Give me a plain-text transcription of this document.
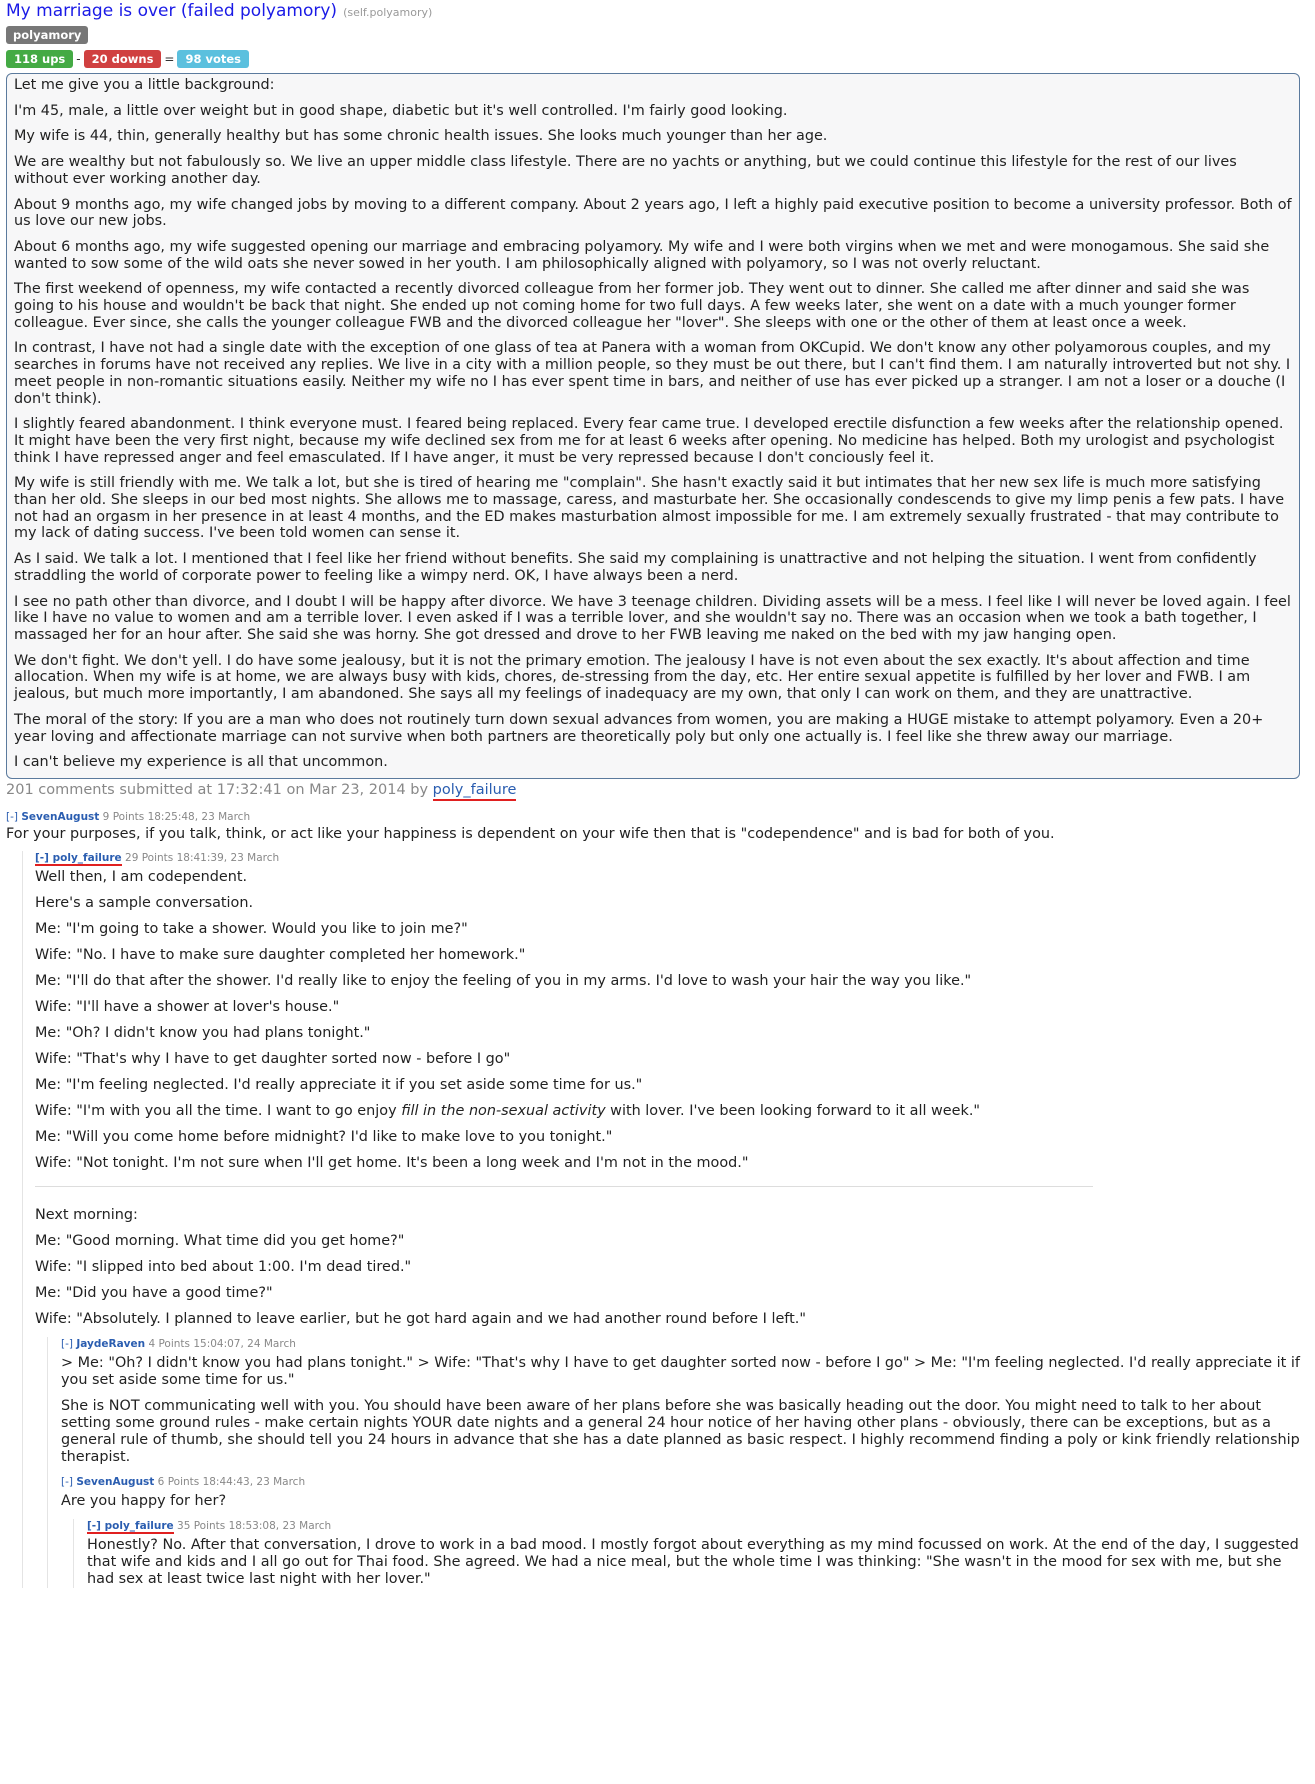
My marriage is over (failed polyamory) (self.polyamory)
polyamory
118 ups - 20 downs = 98 votes

Let me give you a little background:

I'm 45, male, a little over weight but in good shape, diabetic but it's well controlled. I'm fairly good looking.

My wife is 44, thin, generally healthy but has some chronic health issues. She looks much younger than her age.

We are wealthy but not fabulously so. We live an upper middle class lifestyle. There are no yachts or anything, but we could continue this lifestyle for the rest of our lives without ever working another day.

About 9 months ago, my wife changed jobs by moving to a different company. About 2 years ago, I left a highly paid executive position to become a university professor. Both of us love our new jobs.

About 6 months ago, my wife suggested opening our marriage and embracing polyamory. My wife and I were both virgins when we met and were monogamous. She said she wanted to sow some of the wild oats she never sowed in her youth. I am philosophically aligned with polyamory, so I was not overly reluctant.

The first weekend of openness, my wife contacted a recently divorced colleague from her former job. They went out to dinner. She called me after dinner and said she was going to his house and wouldn't be back that night. She ended up not coming home for two full days. A few weeks later, she went on a date with a much younger former colleague. Ever since, she calls the younger colleague FWB and the divorced colleague her "lover". She sleeps with one or the other of them at least once a week.

In contrast, I have not had a single date with the exception of one glass of tea at Panera with a woman from OKCupid. We don't know any other polyamorous couples, and my searches in forums have not received any replies. We live in a city with a million people, so they must be out there, but I can't find them. I am naturally introverted but not shy. I meet people in non-romantic situations easily. Neither my wife no I has ever spent time in bars, and neither of use has ever picked up a stranger. I am not a loser or a douche (I don't think).

I slightly feared abandonment. I think everyone must. I feared being replaced. Every fear came true. I developed erectile disfunction a few weeks after the relationship opened. It might have been the very first night, because my wife declined sex from me for at least 6 weeks after opening. No medicine has helped. Both my urologist and psychologist think I have repressed anger and feel emasculated. If I have anger, it must be very repressed because I don't conciously feel it.

My wife is still friendly with me. We talk a lot, but she is tired of hearing me "complain". She hasn't exactly said it but intimates that her new sex life is much more satisfying than her old. She sleeps in our bed most nights. She allows me to massage, caress, and masturbate her. She occasionally condescends to give my limp penis a few pats. I have not had an orgasm in her presence in at least 4 months, and the ED makes masturbation almost impossible for me. I am extremely sexually frustrated - that may contribute to my lack of dating success. I've been told women can sense it.

As I said. We talk a lot. I mentioned that I feel like her friend without benefits. She said my complaining is unattractive and not helping the situation. I went from confidently straddling the world of corporate power to feeling like a wimpy nerd. OK, I have always been a nerd.

I see no path other than divorce, and I doubt I will be happy after divorce. We have 3 teenage children. Dividing assets will be a mess. I feel like I will never be loved again. I feel like I have no value to women and am a terrible lover. I even asked if I was a terrible lover, and she wouldn't say no. There was an occasion when we took a bath together, I massaged her for an hour after. She said she was horny. She got dressed and drove to her FWB leaving me naked on the bed with my jaw hanging open.

We don't fight. We don't yell. I do have some jealousy, but it is not the primary emotion. The jealousy I have is not even about the sex exactly. It's about affection and time allocation. When my wife is at home, we are always busy with kids, chores, de-stressing from the day, etc. Her entire sexual appetite is fulfilled by her lover and FWB. I am jealous, but much more importantly, I am abandoned. She says all my feelings of inadequacy are my own, that only I can work on them, and they are unattractive.

The moral of the story: If you are a man who does not routinely turn down sexual advances from women, you are making a HUGE mistake to attempt polyamory. Even a 20+ year loving and affectionate marriage can not survive when both partners are theoretically poly but only one actually is. I feel like she threw away our marriage.

I can't believe my experience is all that uncommon.

201 comments submitted at 17:32:41 on Mar 23, 2014 by poly_failure
[-] SevenAugust 9 Points 18:25:48, 23 March
For your purposes, if you talk, think, or act like your happiness is dependent on your wife then that is "codependence" and is bad for both of you.
[-] poly_failure 29 Points 18:41:39, 23 March

Well then, I am codependent.

Here's a sample conversation.

Me: "I'm going to take a shower. Would you like to join me?"

Wife: "No. I have to make sure daughter completed her homework."

Me: "I'll do that after the shower. I'd really like to enjoy the feeling of you in my arms. I'd love to wash your hair the way you like."

Wife: "I'll have a shower at lover's house."

Me: "Oh? I didn't know you had plans tonight."

Wife: "That's why I have to get daughter sorted now - before I go"

Me: "I'm feeling neglected. I'd really appreciate it if you set aside some time for us."

Wife: "I'm with you all the time. I want to go enjoy fill in the non-sexual activity with lover. I've been looking forward to it all week."

Me: "Will you come home before midnight? I'd like to make love to you tonight."

Wife: "Not tonight. I'm not sure when I'll get home. It's been a long week and I'm not in the mood."

Next morning:

Me: "Good morning. What time did you get home?"

Wife: "I slipped into bed about 1:00. I'm dead tired."

Me: "Did you have a good time?"

Wife: "Absolutely. I planned to leave earlier, but he got hard again and we had another round before I left."

[-] JaydeRaven 4 Points 15:04:07, 24 March

> Me: "Oh? I didn't know you had plans tonight." > Wife: "That's why I have to get daughter sorted now - before I go" > Me: "I'm feeling neglected. I'd really appreciate it if you set aside some time for us."

She is NOT communicating well with you. You should have been aware of her plans before she was basically heading out the door. You might need to talk to her about setting some ground rules - make certain nights YOUR date nights and a general 24 hour notice of her having other plans - obviously, there can be exceptions, but as a general rule of thumb, she should tell you 24 hours in advance that she has a date planned as basic respect. I highly recommend finding a poly or kink friendly relationship therapist.

[-] SevenAugust 6 Points 18:44:43, 23 March

Are you happy for her?

[-] poly_failure 35 Points 18:53:08, 23 March

Honestly? No. After that conversation, I drove to work in a bad mood. I mostly forgot about everything as my mind focussed on work. At the end of the day, I suggested that wife and kids and I all go out for Thai food. She agreed. We had a nice meal, but the whole time I was thinking: "She wasn't in the mood for sex with me, but she had sex at least twice last night with her lover."
